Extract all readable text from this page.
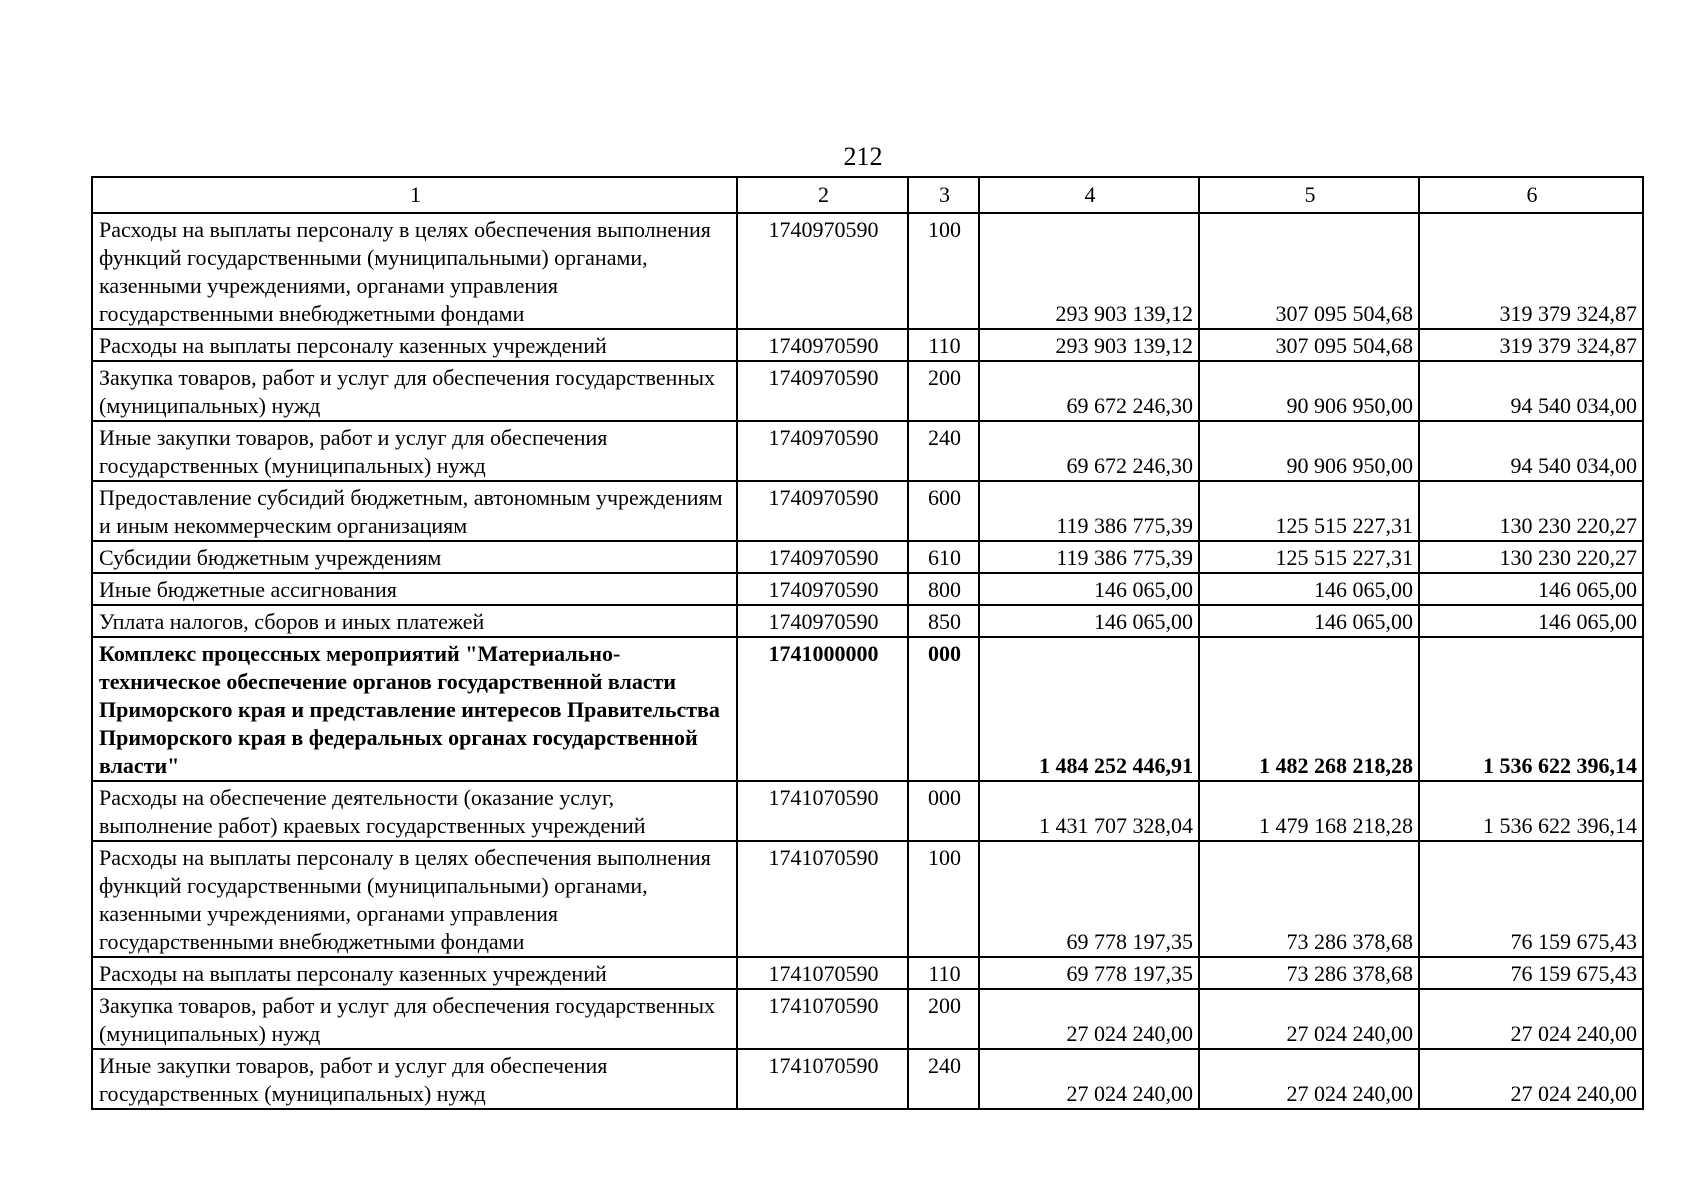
212
1	2	3	4	5	6
Расходы на выплаты персоналу в целях обеспечения выполнения функций государственными (муниципальными) органами, казенными учреждениями, органами управления государственными внебюджетными фондами	1740970590	100	293 903 139,12	307 095 504,68	319 379 324,87
Расходы на выплаты персоналу казенных учреждений	1740970590	110	293 903 139,12	307 095 504,68	319 379 324,87
Закупка товаров, работ и услуг для обеспечения государственных (муниципальных) нужд	1740970590	200	69 672 246,30	90 906 950,00	94 540 034,00
Иные закупки товаров, работ и услуг для обеспечения государственных (муниципальных) нужд	1740970590	240	69 672 246,30	90 906 950,00	94 540 034,00
Предоставление субсидий бюджетным, автономным учреждениям и иным некоммерческим организациям	1740970590	600	119 386 775,39	125 515 227,31	130 230 220,27
Субсидии бюджетным учреждениям	1740970590	610	119 386 775,39	125 515 227,31	130 230 220,27
Иные бюджетные ассигнования	1740970590	800	146 065,00	146 065,00	146 065,00
Уплата налогов, сборов и иных платежей	1740970590	850	146 065,00	146 065,00	146 065,00
Комплекс процессных мероприятий "Материально-техническое обеспечение органов государственной власти Приморского края и представление интересов Правительства Приморского края в федеральных органах государственной власти"	1741000000	000	1 484 252 446,91	1 482 268 218,28	1 536 622 396,14
Расходы на обеспечение деятельности (оказание услуг, выполнение работ) краевых государственных учреждений	1741070590	000	1 431 707 328,04	1 479 168 218,28	1 536 622 396,14
Расходы на выплаты персоналу в целях обеспечения выполнения функций государственными (муниципальными) органами, казенными учреждениями, органами управления государственными внебюджетными фондами	1741070590	100	69 778 197,35	73 286 378,68	76 159 675,43
Расходы на выплаты персоналу казенных учреждений	1741070590	110	69 778 197,35	73 286 378,68	76 159 675,43
Закупка товаров, работ и услуг для обеспечения государственных (муниципальных) нужд	1741070590	200	27 024 240,00	27 024 240,00	27 024 240,00
Иные закупки товаров, работ и услуг для обеспечения государственных (муниципальных) нужд	1741070590	240	27 024 240,00	27 024 240,00	27 024 240,00
